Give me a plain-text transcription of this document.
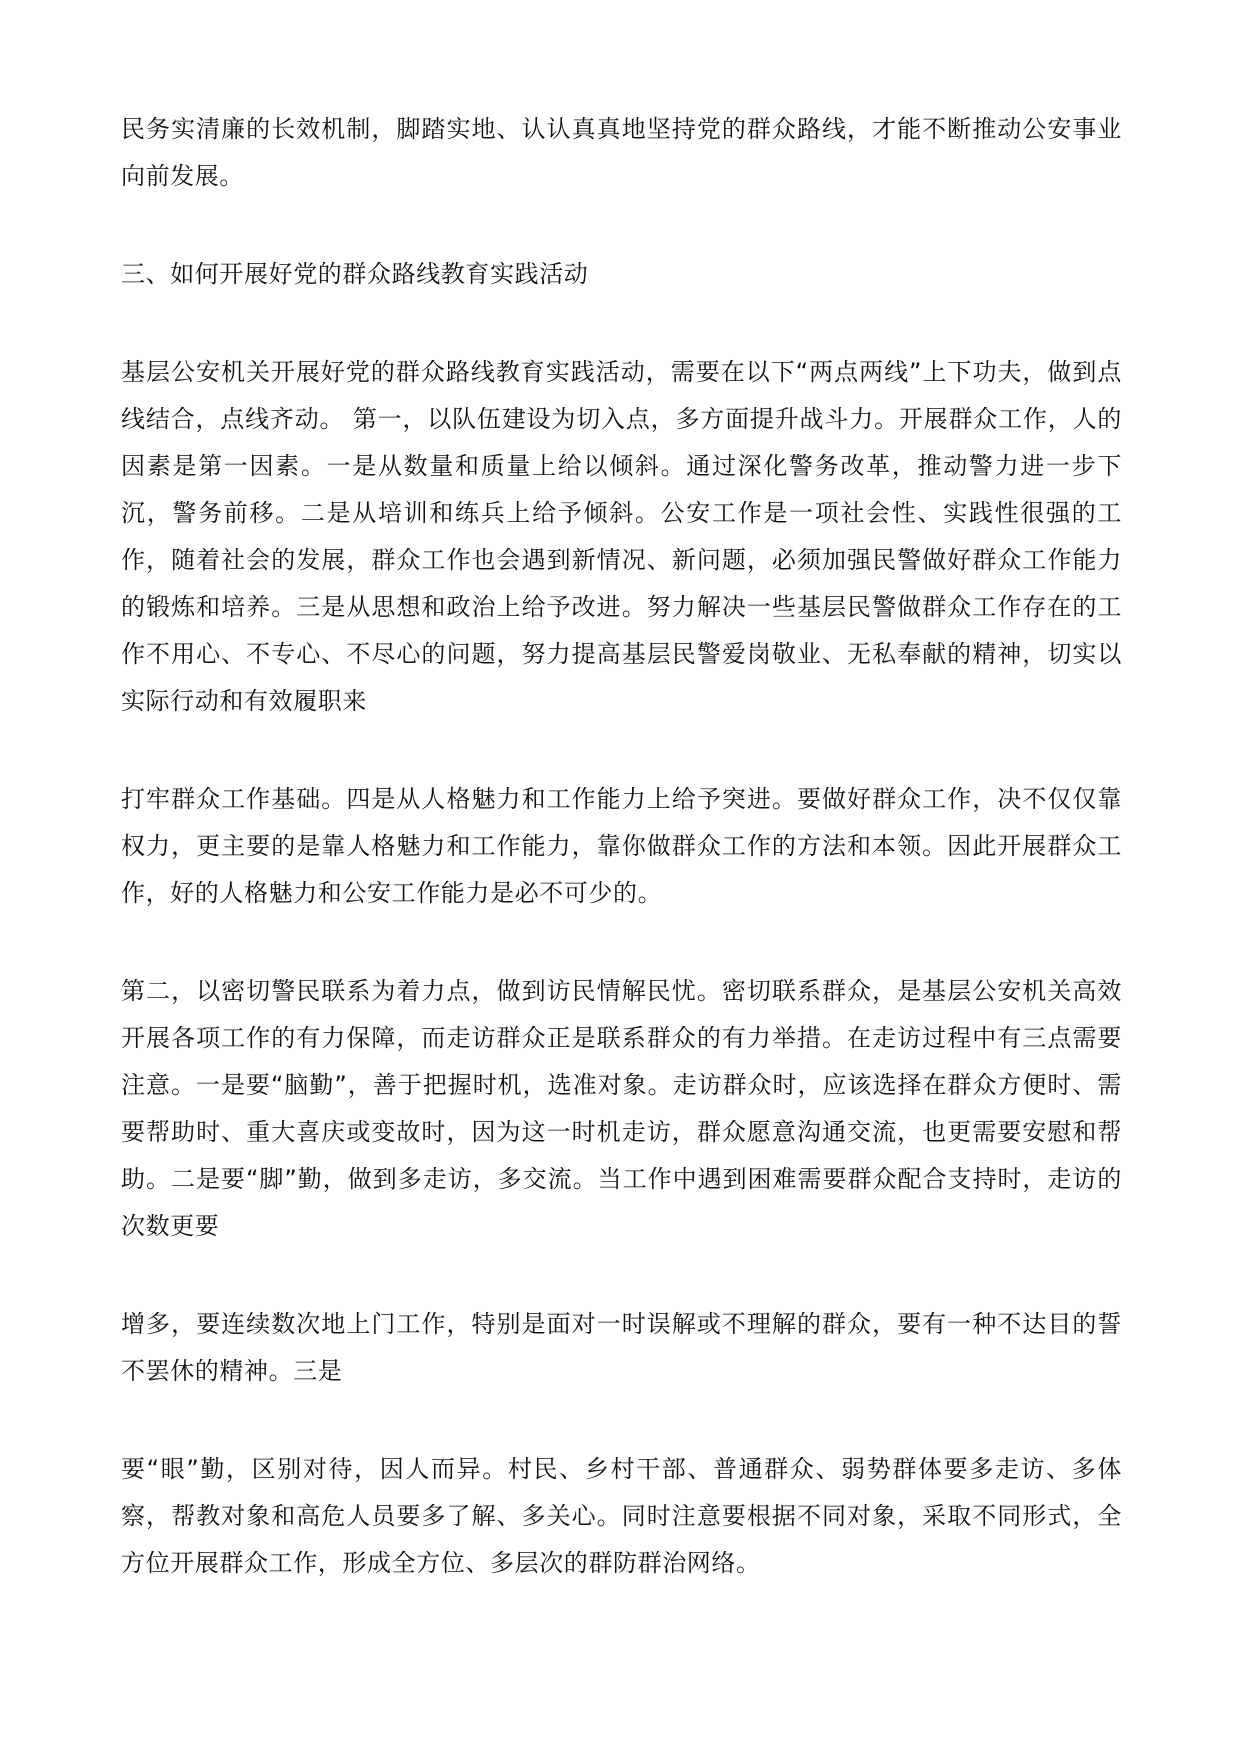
民务实清廉的长效机制，脚踏实地、认认真真地坚持党的群众路线，才能不断推动公安事业向前发展。

三、如何开展好党的群众路线教育实践活动

基层公安机关开展好党的群众路线教育实践活动，需要在以下“两点两线”上下功夫，做到点线结合，点线齐动。 第一，以队伍建设为切入点，多方面提升战斗力。开展群众工作，人的因素是第一因素。一是从数量和质量上给以倾斜。通过深化警务改革，推动警力进一步下沉，警务前移。二是从培训和练兵上给予倾斜。公安工作是一项社会性、实践性很强的工作，随着社会的发展，群众工作也会遇到新情况、新问题，必须加强民警做好群众工作能力的锻炼和培养。三是从思想和政治上给予改进。努力解决一些基层民警做群众工作存在的工作不用心、不专心、不尽心的问题，努力提高基层民警爱岗敬业、无私奉献的精神，切实以实际行动和有效履职来

打牢群众工作基础。四是从人格魅力和工作能力上给予突进。要做好群众工作，决不仅仅靠权力，更主要的是靠人格魅力和工作能力，靠你做群众工作的方法和本领。因此开展群众工作，好的人格魅力和公安工作能力是必不可少的。

第二，以密切警民联系为着力点，做到访民情解民忧。密切联系群众，是基层公安机关高效开展各项工作的有力保障，而走访群众正是联系群众的有力举措。在走访过程中有三点需要注意。一是要“脑勤”，善于把握时机，选准对象。走访群众时，应该选择在群众方便时、需要帮助时、重大喜庆或变故时，因为这一时机走访，群众愿意沟通交流，也更需要安慰和帮助。二是要“脚”勤，做到多走访，多交流。当工作中遇到困难需要群众配合支持时，走访的次数更要

增多，要连续数次地上门工作，特别是面对一时误解或不理解的群众，要有一种不达目的誓不罢休的精神。三是

要“眼”勤，区别对待，因人而异。村民、乡村干部、普通群众、弱势群体要多走访、多体察，帮教对象和高危人员要多了解、多关心。同时注意要根据不同对象，采取不同形式，全方位开展群众工作，形成全方位、多层次的群防群治网络。
